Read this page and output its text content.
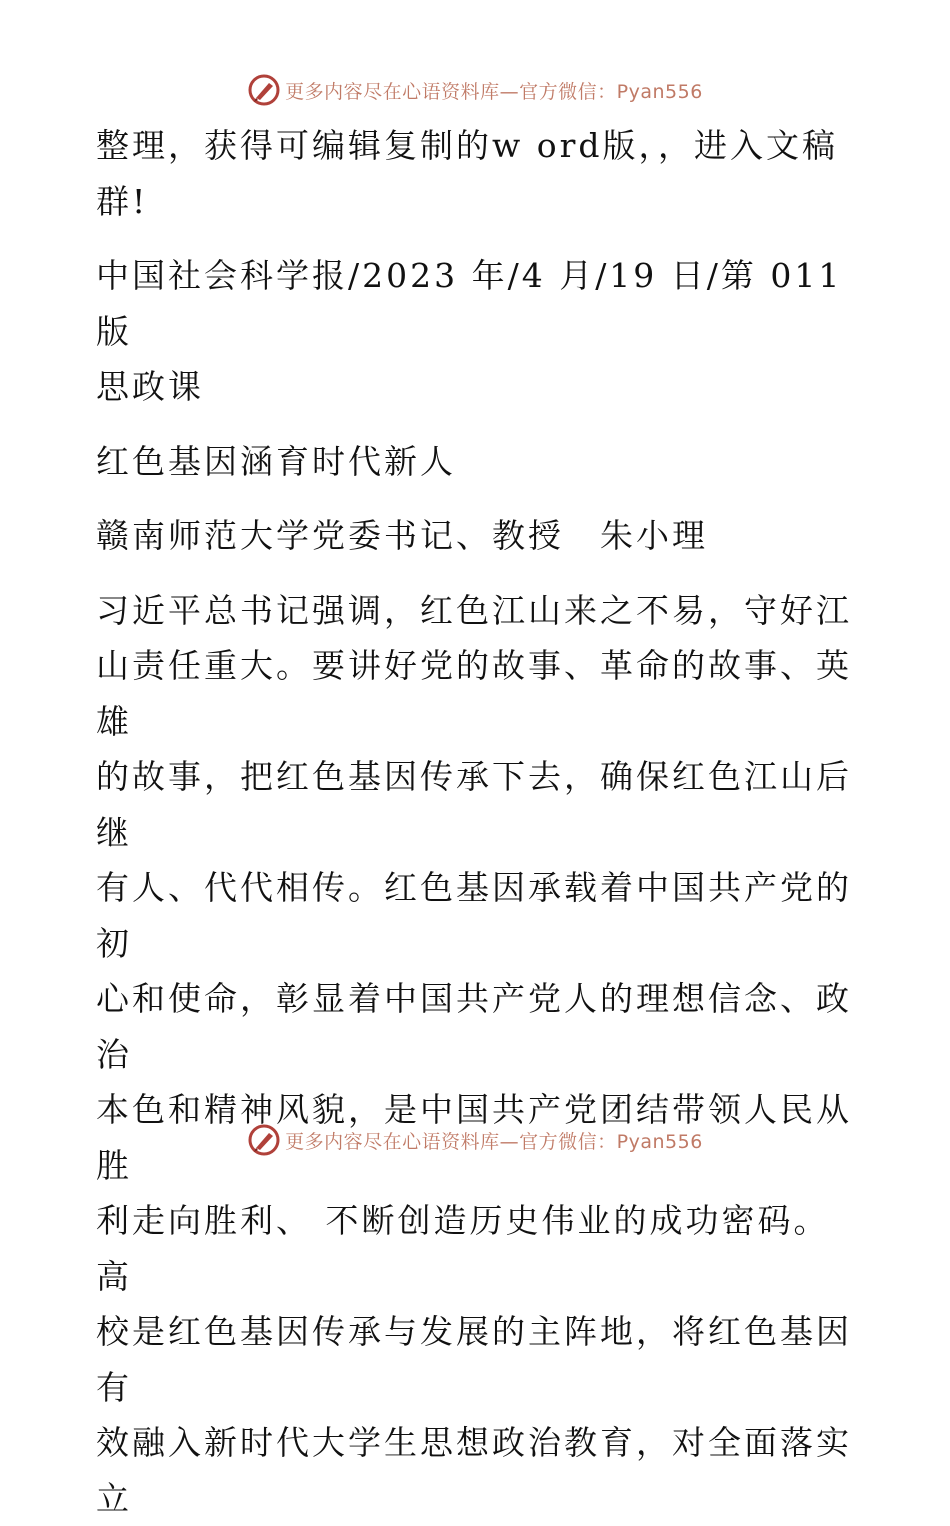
更多内容尽在心语资料库—官方微信：Pyan556

整理，获得可编辑复制的w ord版，，进入文稿

群!

中国社会科学报/2023 年/4 月/19 日/第 011 版

思政课

红色基因涵育时代新人

赣南师范大学党委书记、教授　朱小理

习近平总书记强调，红色江山来之不易，守好江

山责任重大。要讲好党的故事、革命的故事、英雄

的故事，把红色基因传承下去，确保红色江山后继

有人、代代相传。红色基因承载着中国共产党的初

心和使命，彰显着中国共产党人的理想信念、政治

本色和精神风貌，是中国共产党团结带领人民从胜

利走向胜利、 不断创造历史伟业的成功密码。 高

校是红色基因传承与发展的主阵地，将红色基因有

效融入新时代大学生思想政治教育，对全面落实立

更多内容尽在心语资料库—官方微信：Pyan556
